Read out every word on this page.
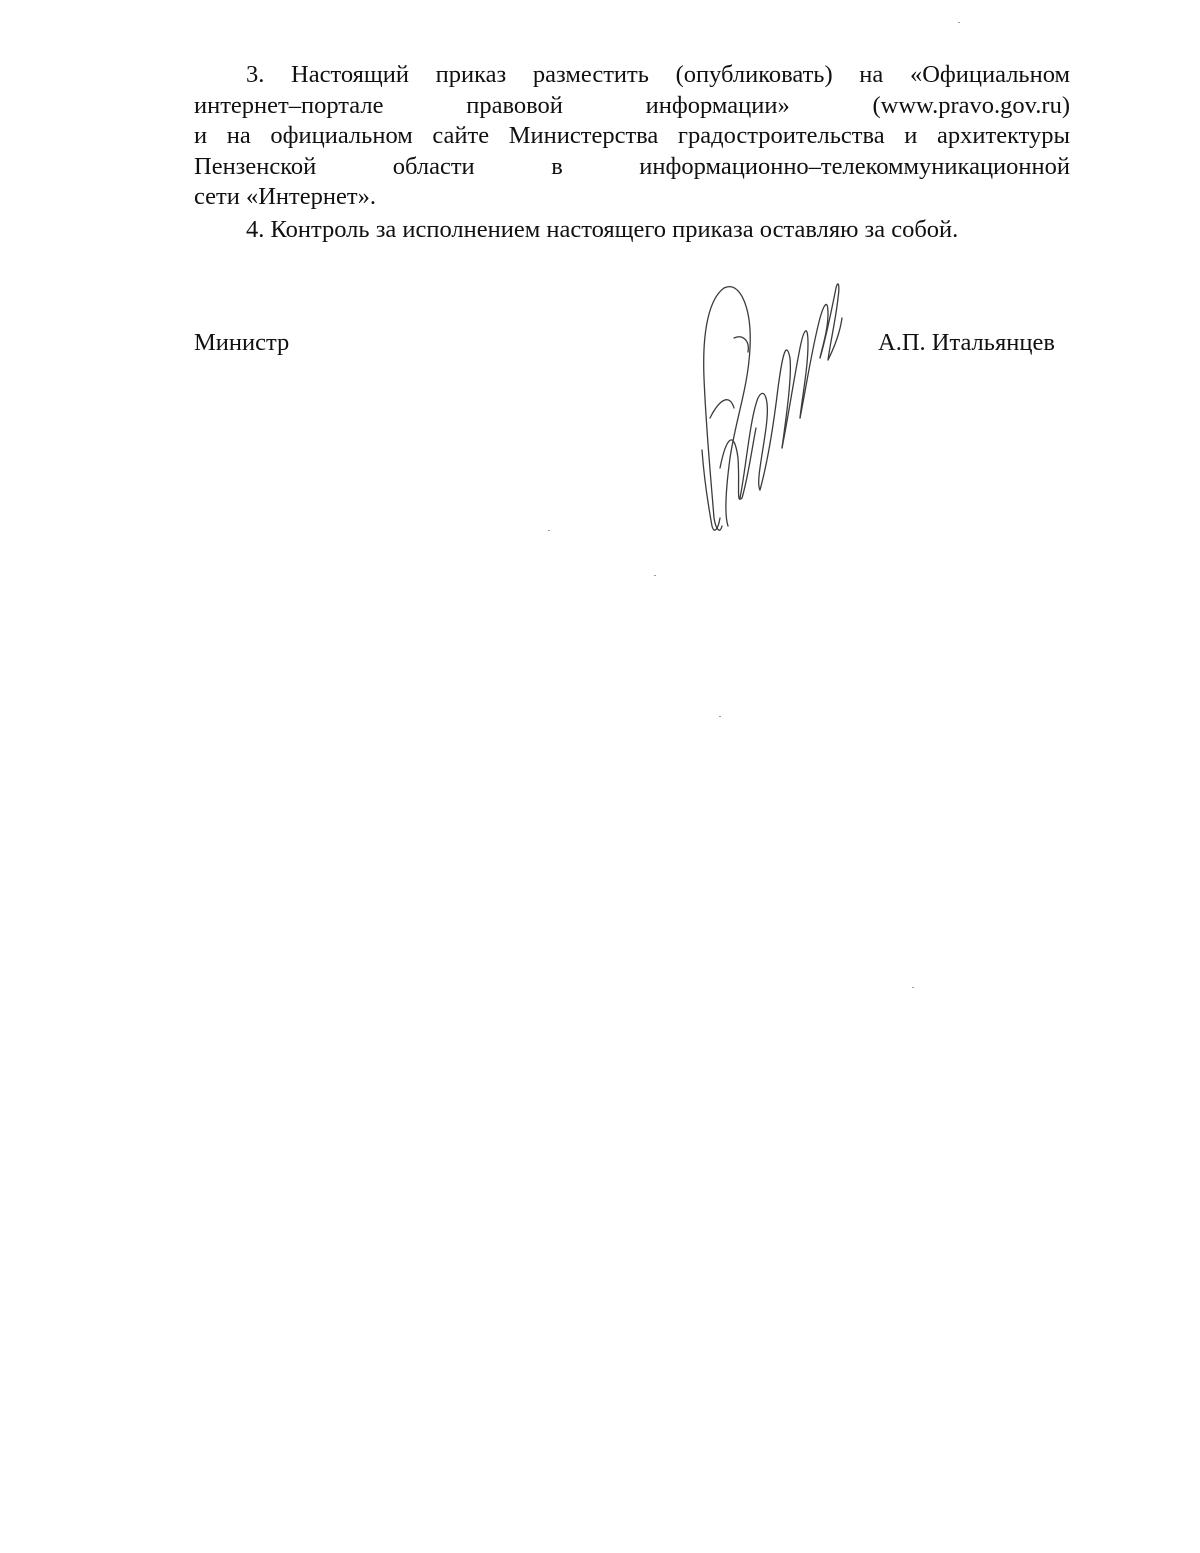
3. Настоящий приказ разместить (опубликовать) на «Официальном
интернет–портале правовой информации» (www.pravo.gov.ru)
и на официальном сайте Министерства градостроительства и архитектуры
Пензенской области в информационно–телекоммуникационной
сети «Интернет».

4. Контроль за исполнением настоящего приказа оставляю за собой.

Министр	А.П. Итальянцев
